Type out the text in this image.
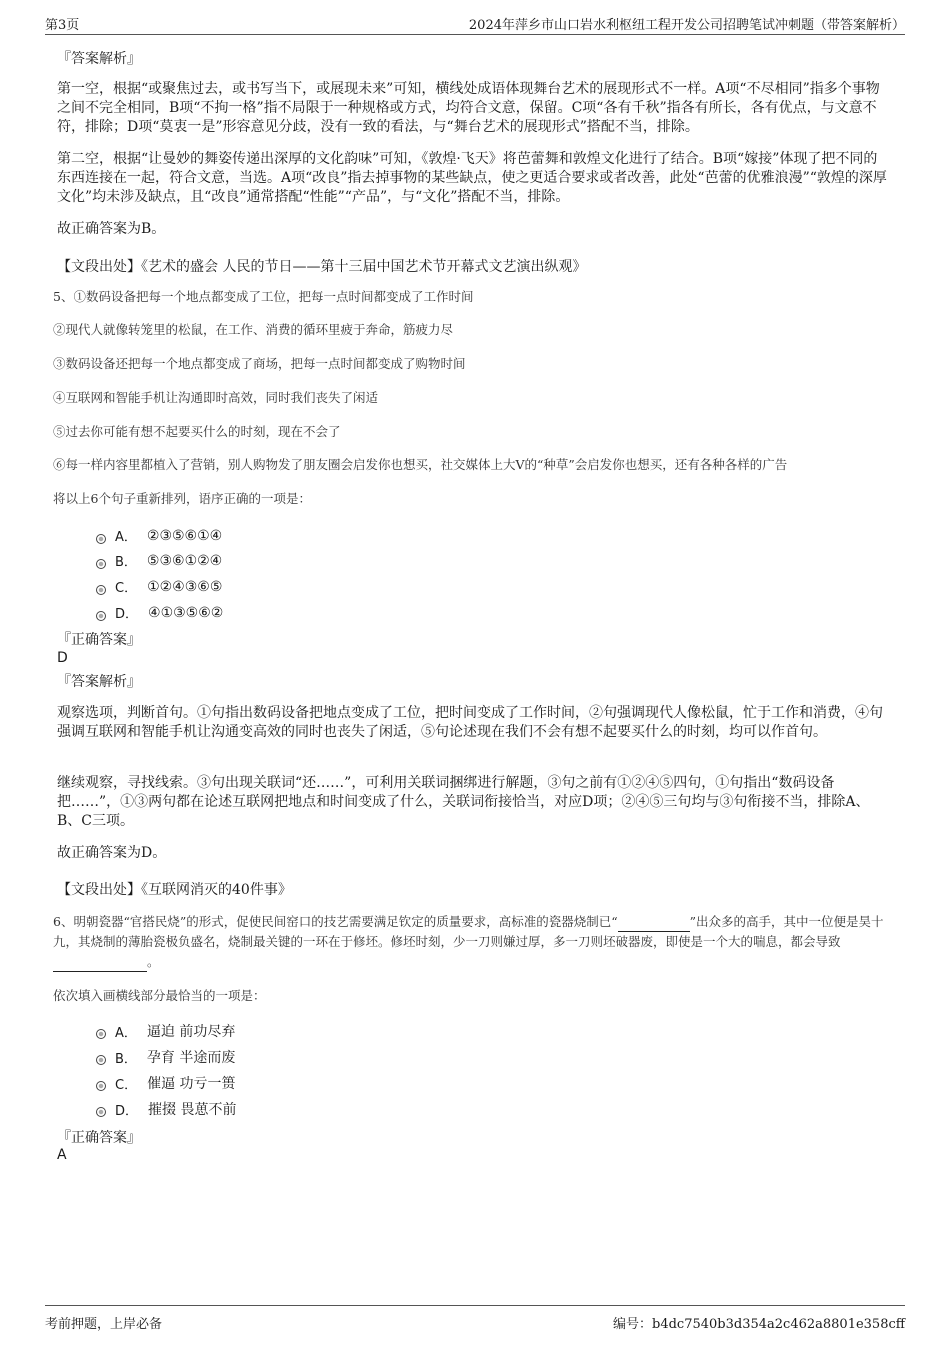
第3页	2024年萍乡市山口岩水利枢纽工程开发公司招聘笔试冲刺题（带答案解析）
『答案解析』
第一空，根据“或聚焦过去，或书写当下，或展现未来”可知，横线处成语体现舞台艺术的展现形式不一样。A项“不尽相同”指多个事物之间不完全相同，B项“不拘一格”指不局限于一种规格或方式，均符合文意，保留。C项“各有千秋”指各有所长，各有优点，与文意不符，排除；D项“莫衷一是”形容意见分歧，没有一致的看法，与“舞台艺术的展现形式”搭配不当，排除。
第二空，根据“让曼妙的舞姿传递出深厚的文化韵味”可知，《敦煌·飞天》将芭蕾舞和敦煌文化进行了结合。B项“嫁接”体现了把不同的东西连接在一起，符合文意，当选。A项“改良”指去掉事物的某些缺点，使之更适合要求或者改善，此处“芭蕾的优雅浪漫”“敦煌的深厚文化”均未涉及缺点，且“改良”通常搭配“性能”“产品”，与“文化”搭配不当，排除。
故正确答案为B。
【文段出处】《艺术的盛会 人民的节日——第十三届中国艺术节开幕式文艺演出纵观》
5、①数码设备把每一个地点都变成了工位，把每一点时间都变成了工作时间
②现代人就像转笼里的松鼠，在工作、消费的循环里疲于奔命，筋疲力尽
③数码设备还把每一个地点都变成了商场，把每一点时间都变成了购物时间
④互联网和智能手机让沟通即时高效，同时我们丧失了闲适
⑤过去你可能有想不起要买什么的时刻，现在不会了
⑥每一样内容里都植入了营销，别人购物发了朋友圈会启发你也想买，社交媒体上大V的“种草”会启发你也想买，还有各种各样的广告
将以上6个句子重新排列，语序正确的一项是：
A． ②③⑤⑥①④
B． ⑤③⑥①②④
C． ①②④③⑥⑤
D． ④①③⑤⑥②
『正确答案』
D
『答案解析』
观察选项，判断首句。①句指出数码设备把地点变成了工位，把时间变成了工作时间，②句强调现代人像松鼠，忙于工作和消费，④句强调互联网和智能手机让沟通变高效的同时也丧失了闲适，⑤句论述现在我们不会有想不起要买什么的时刻，均可以作首句。
继续观察，寻找线索。③句出现关联词“还……”，可利用关联词捆绑进行解题，③句之前有①②④⑤四句，①句指出“数码设备把……”，①③两句都在论述互联网把地点和时间变成了什么，关联词衔接恰当，对应D项；②④⑤三句均与③句衔接不当，排除A、B、C三项。
故正确答案为D。
【文段出处】《互联网消灭的40件事》
6、明朝瓷器“官搭民烧”的形式，促使民间窑口的技艺需要满足钦定的质量要求，高标准的瓷器烧制已“	”出众多的高手，其中一位便是昊十九，其烧制的薄胎瓷极负盛名，烧制最关键的一环在于修坯。修坯时刻，少一刀则嫌过厚，多一刀则坯破器废，即使是一个大的喘息，都会导致。
依次填入画横线部分最恰当的一项是：
A． 逼迫 前功尽弃
B． 孕育 半途而废
C． 催逼 功亏一篑
D． 摧掇 畏葸不前
『正确答案』
A
考前押题，上岸必备	编号：b4dc7540b3d354a2c462a8801e358cff
